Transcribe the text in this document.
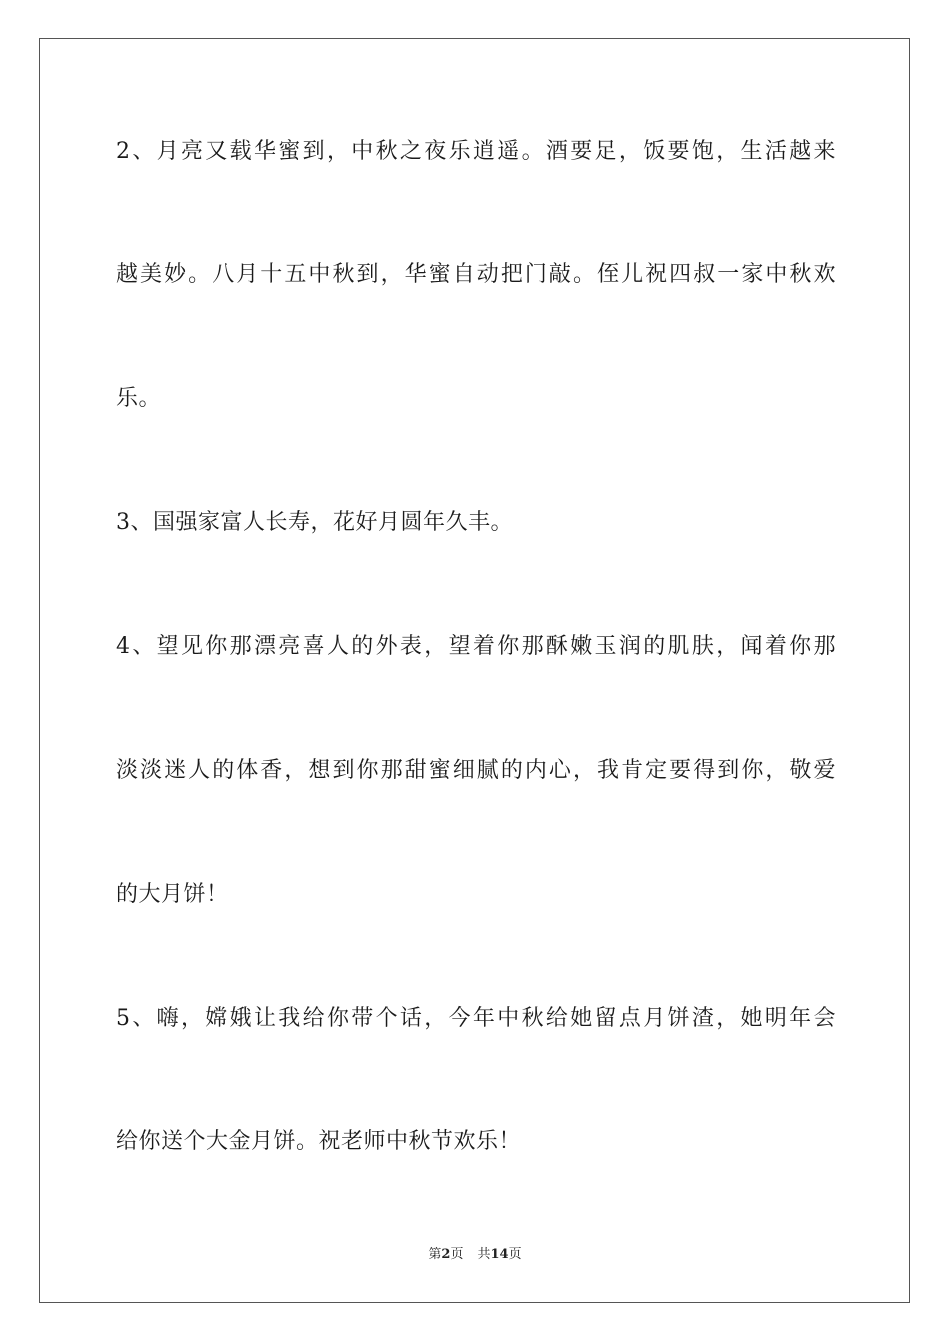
2、月亮又载华蜜到，中秋之夜乐逍遥。酒要足，饭要饱，生活越来
越美妙。八月十五中秋到，华蜜自动把门敲。侄儿祝四叔一家中秋欢
乐。
3、国强家富人长寿，花好月圆年久丰。
4、望见你那漂亮喜人的外表，望着你那酥嫩玉润的肌肤，闻着你那
淡淡迷人的体香，想到你那甜蜜细腻的内心，我肯定要得到你，敬爱
的大月饼！
5、嗨，嫦娥让我给你带个话，今年中秋给她留点月饼渣，她明年会
给你送个大金月饼。祝老师中秋节欢乐！
第2页 共14页
